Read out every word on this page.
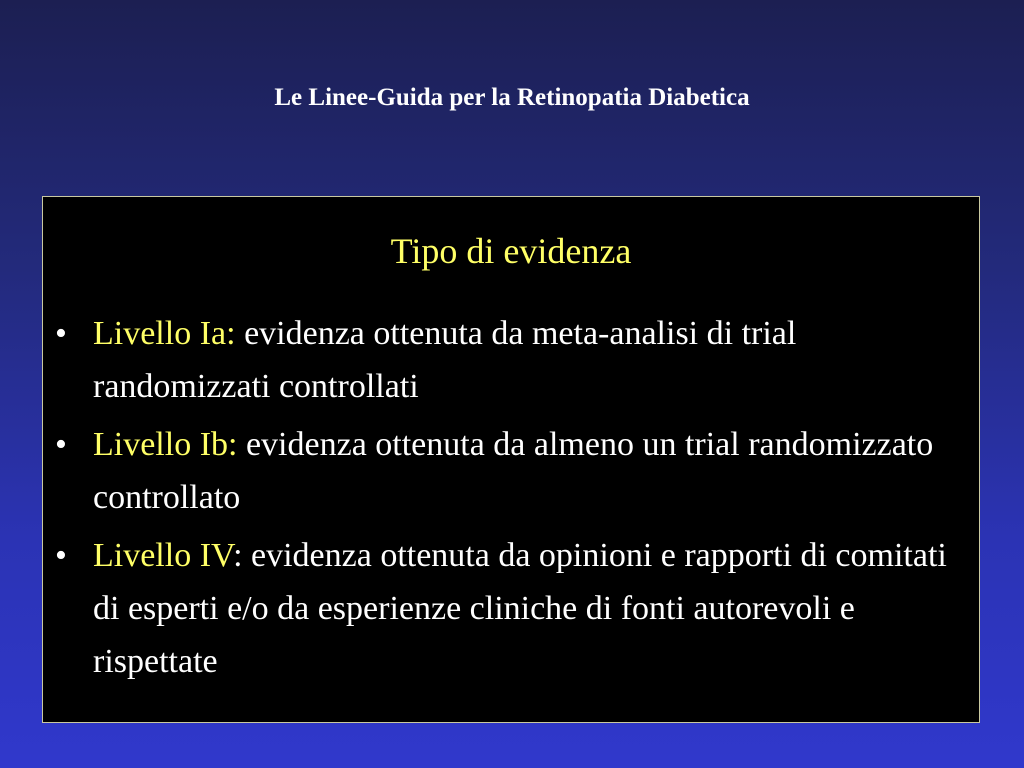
Le Linee-Guida per la Retinopatia Diabetica
Tipo di evidenza
• Livello Ia: evidenza ottenuta da meta-analisi di trial randomizzati controllati
• Livello Ib: evidenza ottenuta da almeno un trial randomizzato controllato
• Livello IV: evidenza ottenuta da opinioni e rapporti di comitati di esperti e/o da esperienze cliniche di fonti autorevoli e rispettate
